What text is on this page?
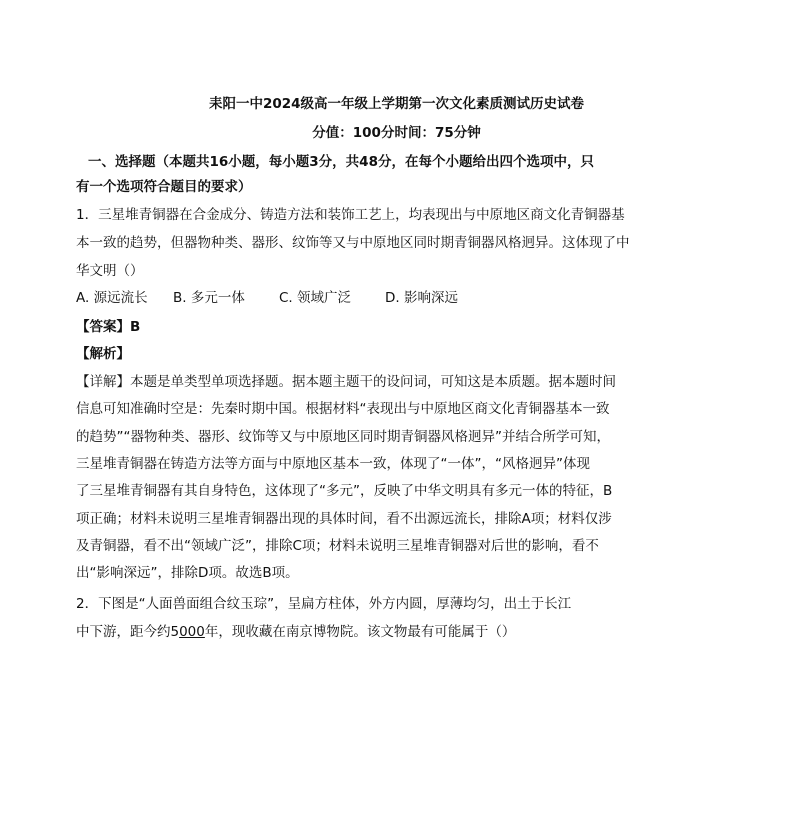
耒阳一中2024级高一年级上学期第一次文化素质测试历史试卷
分值：100分时间：75分钟
一、选择题（本题共16小题，每小题3分，共48分，在每个小题给出四个选项中，只
有一个选项符合题目的要求）
1．三星堆青铜器在合金成分、铸造方法和装饰工艺上，均表现出与中原地区商文化青铜器基
本一致的趋势，但器物种类、器形、纹饰等又与中原地区同时期青铜器风格迥异。这体现了中
华文明（）
A. 源远流长 B. 多元一体	C. 领域广泛	D. 影响深远
【答案】B
【解析】
【详解】本题是单类型单项选择题。据本题主题干的设问词，可知这是本质题。据本题时间
信息可知准确时空是：先秦时期中国。根据材料“表现出与中原地区商文化青铜器基本一致
的趋势”“器物种类、器形、纹饰等又与中原地区同时期青铜器风格迥异”并结合所学可知，
三星堆青铜器在铸造方法等方面与中原地区基本一致，体现了“一体”，“风格迥异”体现
了三星堆青铜器有其自身特色，这体现了“多元”，反映了中华文明具有多元一体的特征，B
项正确；材料未说明三星堆青铜器出现的具体时间，看不出源远流长，排除A项；材料仅涉
及青铜器，看不出“领域广泛”，排除C项；材料未说明三星堆青铜器对后世的影响，看不
出“影响深远”，排除D项。故选B项。
2．下图是“人面兽面组合纹玉琮”，呈扁方柱体，外方内圆，厚薄均匀，出土于长江
中下游，距今约5000年，现收藏在南京博物院。该文物最有可能属于（）
